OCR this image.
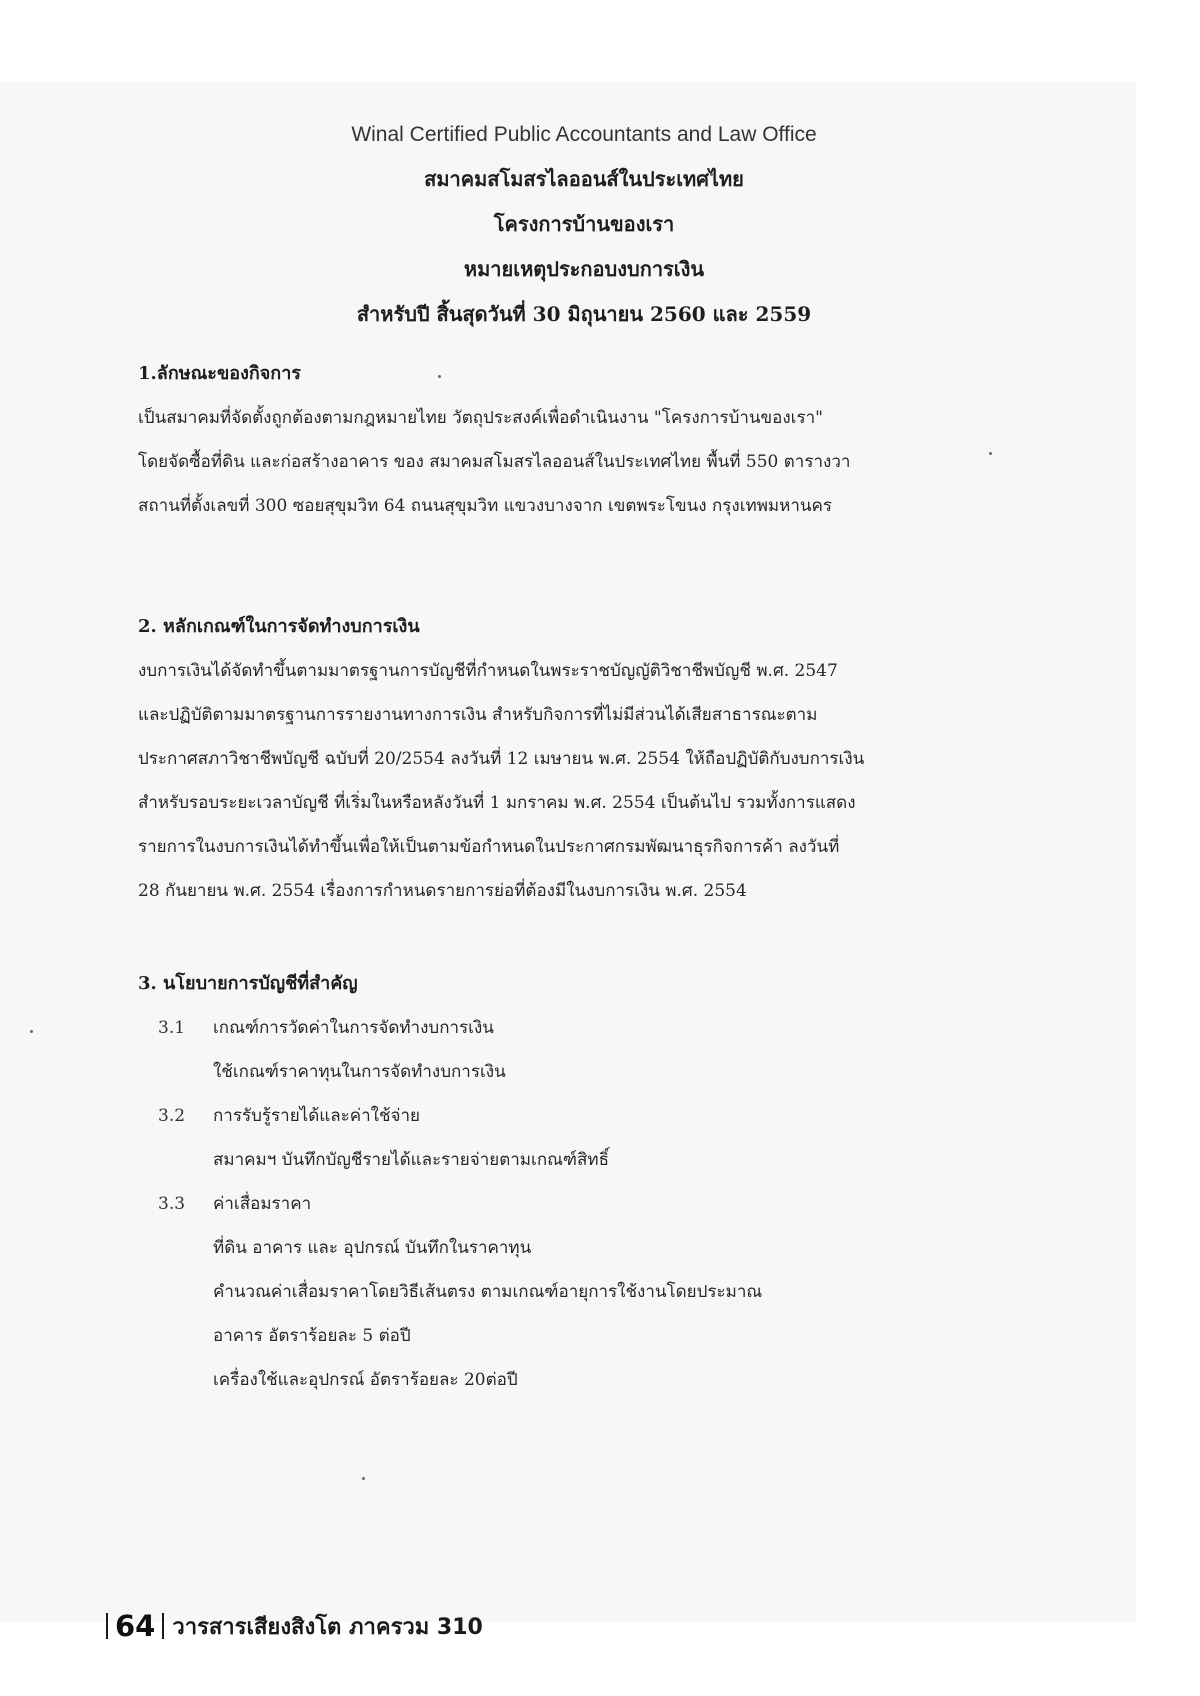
Winal Certified Public Accountants and Law Office
สมาคมสโมสรไลออนส์ในประเทศไทย
โครงการบ้านของเรา
หมายเหตุประกอบงบการเงิน
สำหรับปี สิ้นสุดวันที่ 30 มิถุนายน 2560 และ 2559
1.ลักษณะของกิจการ
เป็นสมาคมที่จัดตั้งถูกต้องตามกฎหมายไทย วัตถุประสงค์เพื่อดำเนินงาน "โครงการบ้านของเรา"
โดยจัดซื้อที่ดิน และก่อสร้างอาคาร ของ สมาคมสโมสรไลออนส์ในประเทศไทย พื้นที่ 550 ตารางวา
สถานที่ตั้งเลขที่ 300 ซอยสุขุมวิท 64 ถนนสุขุมวิท แขวงบางจาก เขตพระโขนง กรุงเทพมหานคร
2. หลักเกณฑ์ในการจัดทำงบการเงิน
งบการเงินได้จัดทำขึ้นตามมาตรฐานการบัญชีที่กำหนดในพระราชบัญญัติวิชาชีพบัญชี พ.ศ. 2547
และปฏิบัติตามมาตรฐานการรายงานทางการเงิน สำหรับกิจการที่ไม่มีส่วนได้เสียสาธารณะตาม
ประกาศสภาวิชาชีพบัญชี ฉบับที่ 20/2554 ลงวันที่ 12 เมษายน พ.ศ. 2554 ให้ถือปฏิบัติกับงบการเงิน
สำหรับรอบระยะเวลาบัญชี ที่เริ่มในหรือหลังวันที่ 1 มกราคม พ.ศ. 2554 เป็นต้นไป รวมทั้งการแสดง
รายการในงบการเงินได้ทำขึ้นเพื่อให้เป็นตามข้อกำหนดในประกาศกรมพัฒนาธุรกิจการค้า ลงวันที่
28 กันยายน พ.ศ. 2554 เรื่องการกำหนดรายการย่อที่ต้องมีในงบการเงิน พ.ศ. 2554
3. นโยบายการบัญชีที่สำคัญ
3.1 เกณฑ์การวัดค่าในการจัดทำงบการเงิน
ใช้เกณฑ์ราคาทุนในการจัดทำงบการเงิน
3.2 การรับรู้รายได้และค่าใช้จ่าย
สมาคมฯ บันทึกบัญชีรายได้และรายจ่ายตามเกณฑ์สิทธิ์
3.3 ค่าเสื่อมราคา
ที่ดิน อาคาร และ อุปกรณ์ บันทึกในราคาทุน
คำนวณค่าเสื่อมราคาโดยวิธีเส้นตรง ตามเกณฑ์อายุการใช้งานโดยประมาณ
อาคาร อัตราร้อยละ 5 ต่อปี
เครื่องใช้และอุปกรณ์ อัตราร้อยละ 20ต่อปี
64 วารสารเสียงสิงโต ภาครวม 310
